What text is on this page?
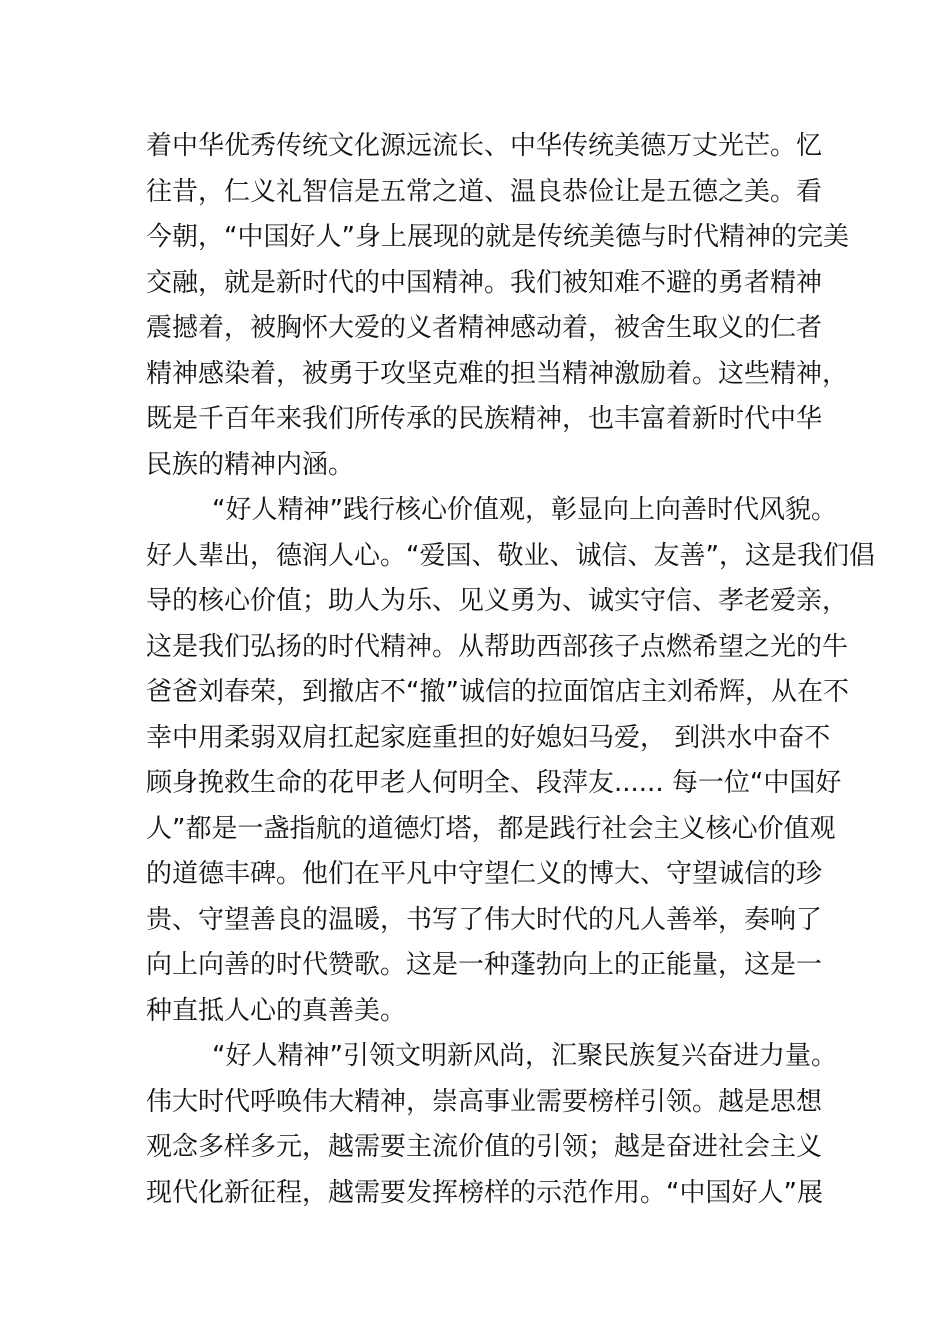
着中华优秀传统文化源远流长、中华传统美德万丈光芒。忆
往昔，仁义礼智信是五常之道、温良恭俭让是五德之美。看
今朝，“中国好人”身上展现的就是传统美德与时代精神的完美
交融，就是新时代的中国精神。我们被知难不避的勇者精神
震撼着，被胸怀大爱的义者精神感动着，被舍生取义的仁者
精神感染着，被勇于攻坚克难的担当精神激励着。这些精神，
既是千百年来我们所传承的民族精神，也丰富着新时代中华
民族的精神内涵。
“好人精神”践行核心价值观，彰显向上向善时代风貌。
好人辈出，德润人心。“爱国、敬业、诚信、友善”，这是我们倡
导的核心价值；助人为乐、见义勇为、诚实守信、孝老爱亲，
这是我们弘扬的时代精神。从帮助西部孩子点燃希望之光的牛
爸爸刘春荣，到撤店不“撤”诚信的拉面馆店主刘希辉，从在不
幸中用柔弱双肩扛起家庭重担的好媳妇马爱， 到洪水中奋不
顾身挽救生命的花甲老人何明全、段萍友...... 每一位“中国好
人”都是一盏指航的道德灯塔，都是践行社会主义核心价值观
的道德丰碑。他们在平凡中守望仁义的博大、守望诚信的珍
贵、守望善良的温暖，书写了伟大时代的凡人善举，奏响了
向上向善的时代赞歌。这是一种蓬勃向上的正能量，这是一
种直抵人心的真善美。
“好人精神”引领文明新风尚，汇聚民族复兴奋进力量。
伟大时代呼唤伟大精神，崇高事业需要榜样引领。越是思想
观念多样多元，越需要主流价值的引领；越是奋进社会主义
现代化新征程，越需要发挥榜样的示范作用。“中国好人”展
